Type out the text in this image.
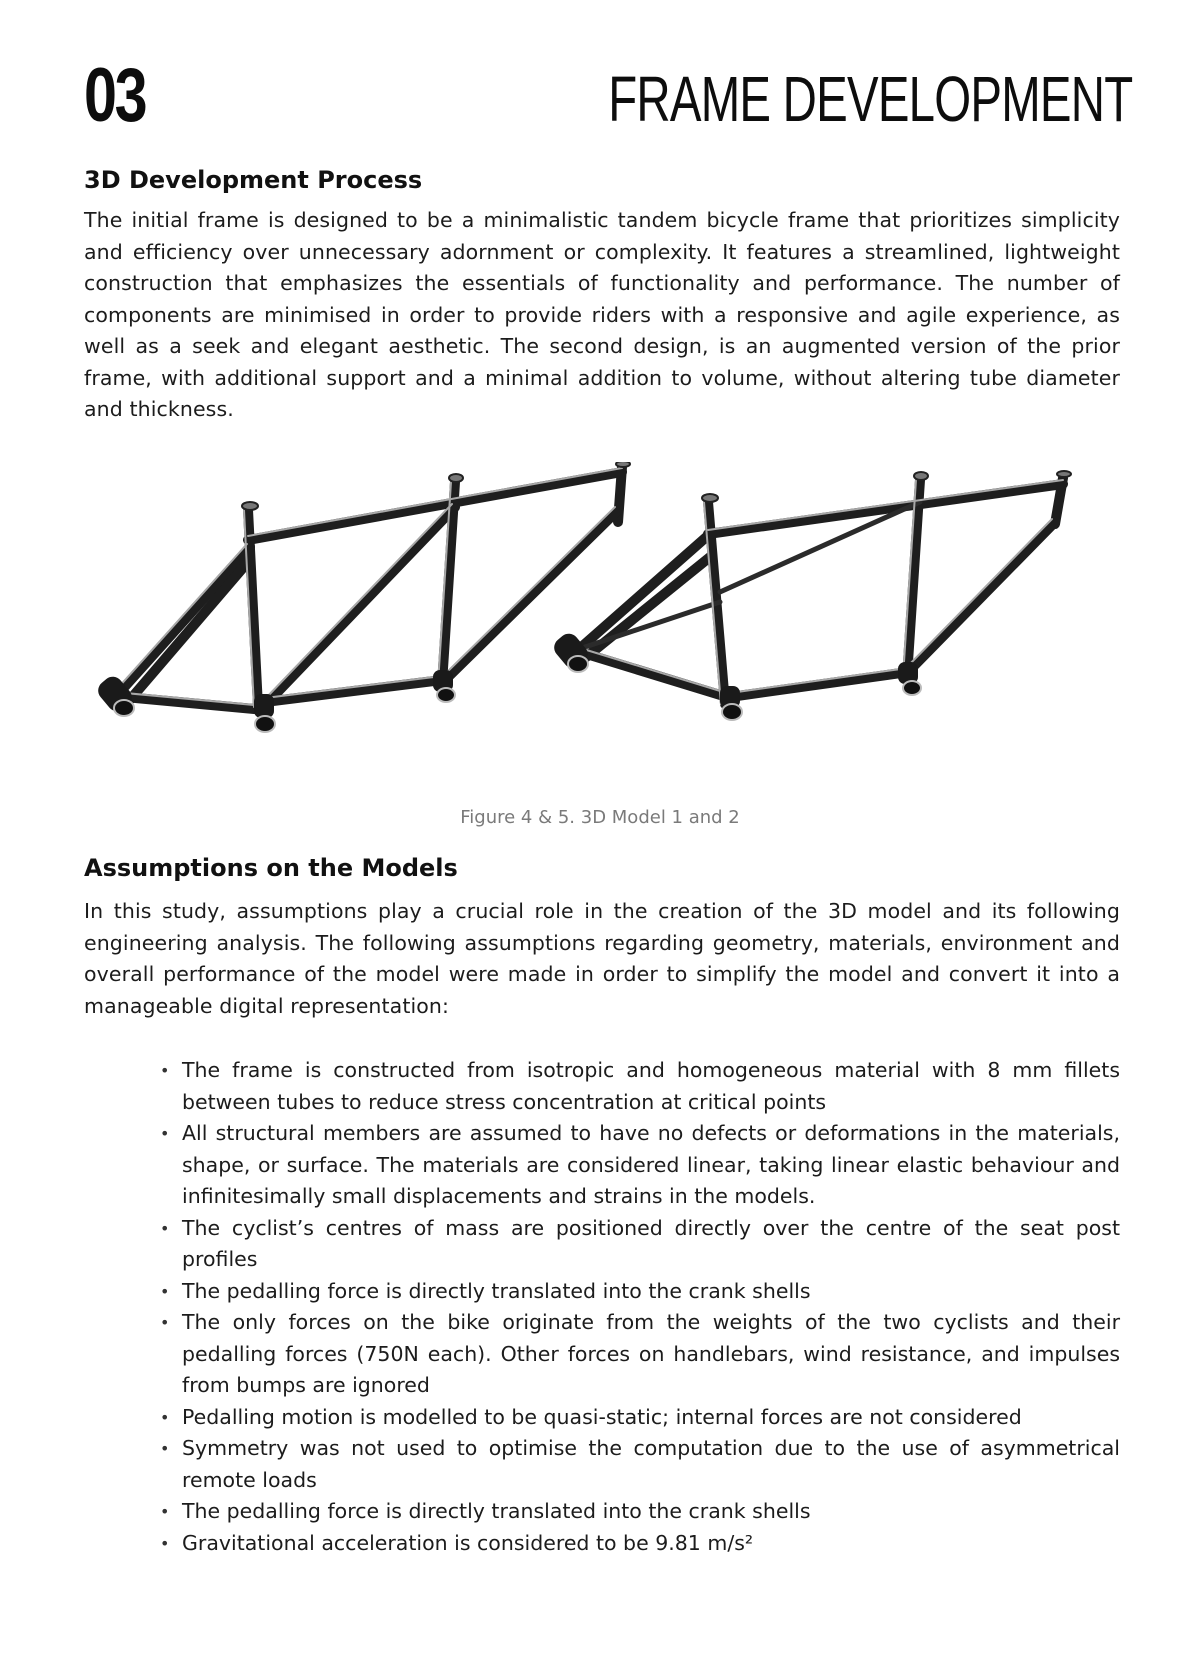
03	FRAME DEVELOPMENT
3D Development Process

The initial frame is designed to be a minimalistic tandem bicycle frame that prioritizes simplicity and efficiency over unnecessary adornment or complexity. It features a streamlined, lightweight construction that emphasizes the essentials of functionality and performance. The number of components are minimised in order to provide riders with a responsive and agile experience, as well as a seek and elegant aesthetic. The second design, is an augmented version of the prior frame, with additional support and a minimal addition to volume, without altering tube diameter and thickness.

Figure 4 & 5. 3D Model 1 and 2
Assumptions on the Models

In this study, assumptions play a crucial role in the creation of the 3D model and its following engineering analysis. The following assumptions regarding geometry, materials, environment and overall performance of the model were made in order to simplify the model and convert it into a manageable digital representation:

• The frame is constructed from isotropic and homogeneous material with 8 mm fillets between tubes to reduce stress concentration at critical points
• All structural members are assumed to have no defects or deformations in the materials, shape, or surface. The materials are considered linear, taking linear elastic behaviour and infinitesimally small displacements and strains in the models.
• The cyclist’s centres of mass are positioned directly over the centre of the seat post profiles
• The pedalling force is directly translated into the crank shells
• The only forces on the bike originate from the weights of the two cyclists and their pedalling forces (750N each). Other forces on handlebars, wind resistance, and impulses from bumps are ignored
• Pedalling motion is modelled to be quasi-static; internal forces are not considered
• Symmetry was not used to optimise the computation due to the use of asymmetrical remote loads
• The pedalling force is directly translated into the crank shells
• Gravitational acceleration is considered to be 9.81 m/s²
